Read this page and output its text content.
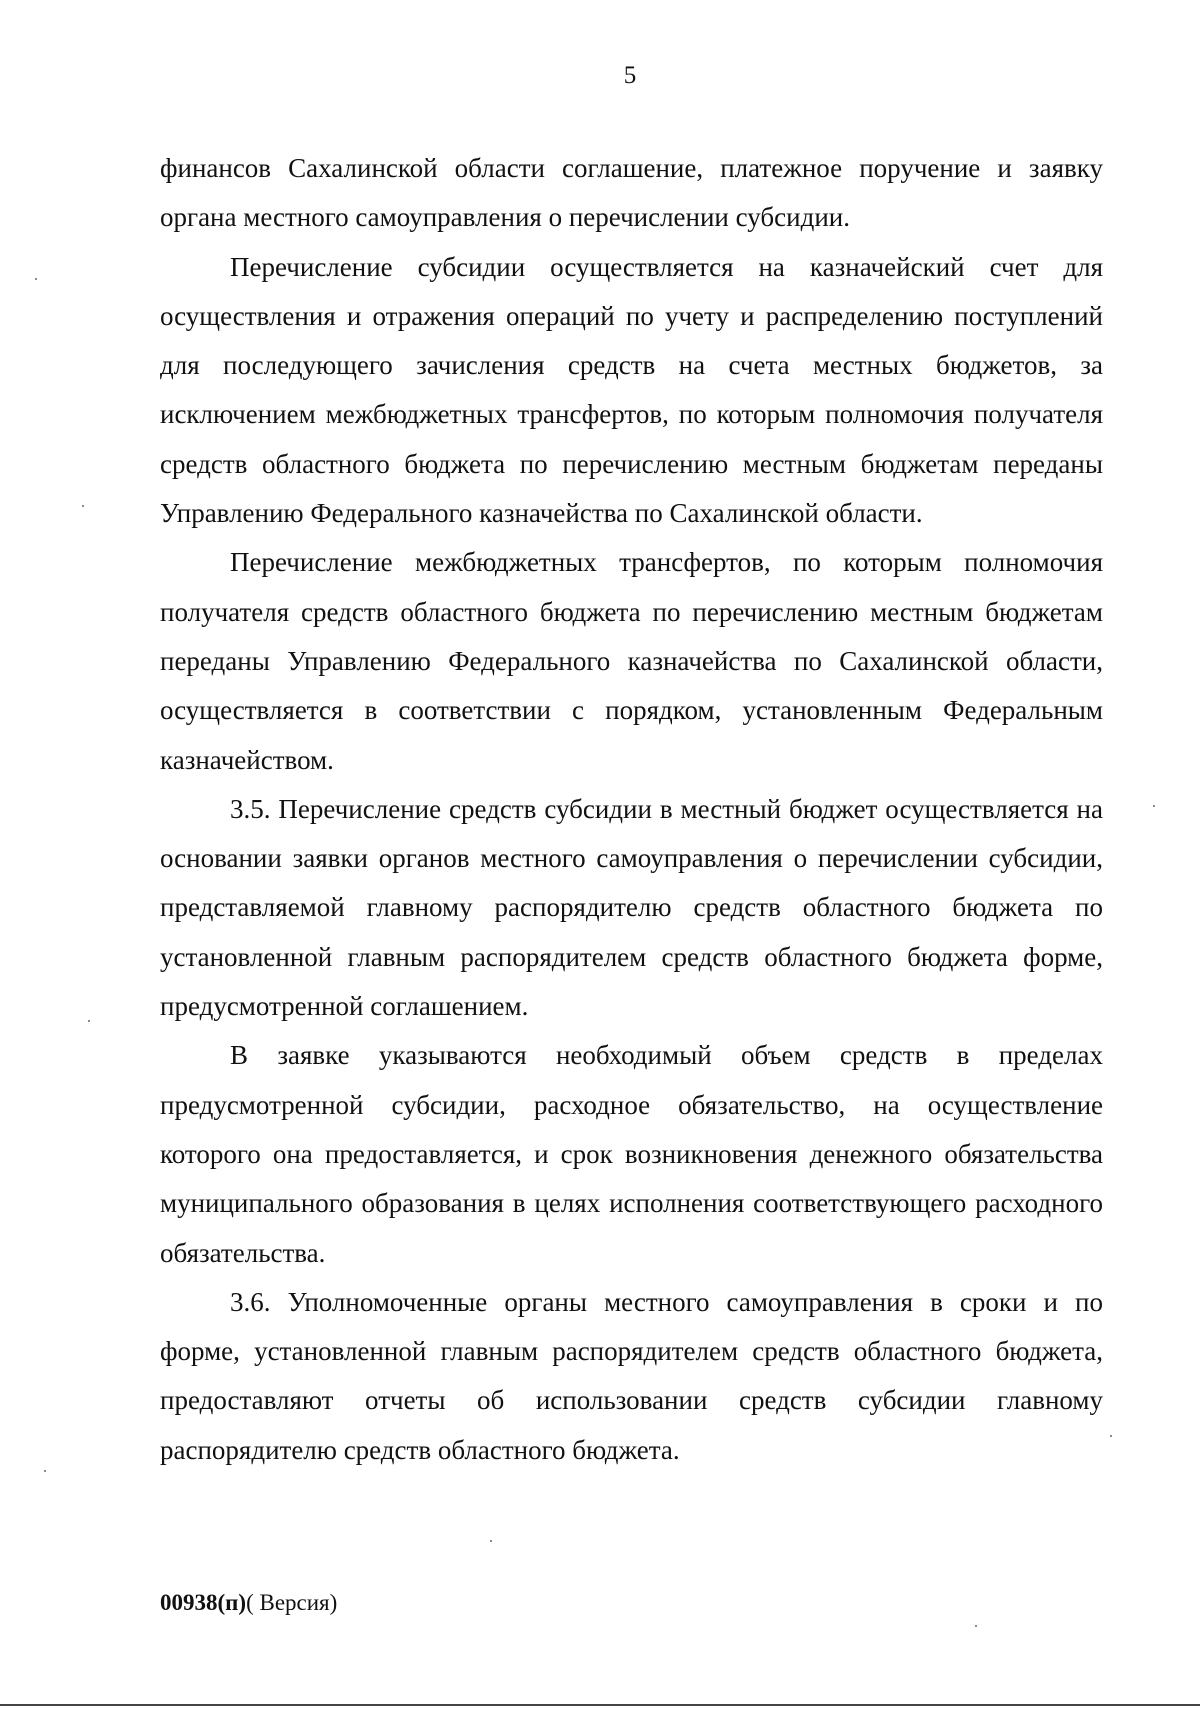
5

финансов Сахалинской области соглашение, платежное поручение и заявку органа местного самоуправления о перечислении субсидии.

Перечисление субсидии осуществляется на казначейский счет для осуществления и отражения операций по учету и распределению поступлений для последующего зачисления средств на счета местных бюджетов, за исключением межбюджетных трансфертов, по которым полномочия получателя средств областного бюджета по перечислению местным бюджетам переданы Управлению Федерального казначейства по Сахалинской области.

Перечисление межбюджетных трансфертов, по которым полномочия получателя средств областного бюджета по перечислению местным бюджетам переданы Управлению Федерального казначейства по Сахалинской области, осуществляется в соответствии с порядком, установленным Федеральным казначейством.

3.5. Перечисление средств субсидии в местный бюджет осуществляется на основании заявки органов местного самоуправления о перечислении субсидии, представляемой главному распорядителю средств областного бюджета по установленной главным распорядителем средств областного бюджета форме, предусмотренной соглашением.

В заявке указываются необходимый объем средств в пределах предусмотренной субсидии, расходное обязательство, на осуществление которого она предоставляется, и срок возникновения денежного обязательства муниципального образования в целях исполнения соответствующего расходного обязательства.

3.6. Уполномоченные органы местного самоуправления в сроки и по форме, установленной главным распорядителем средств областного бюджета, предоставляют отчеты об использовании средств субсидии главному распорядителю средств областного бюджета.

00938(п)( Версия)
